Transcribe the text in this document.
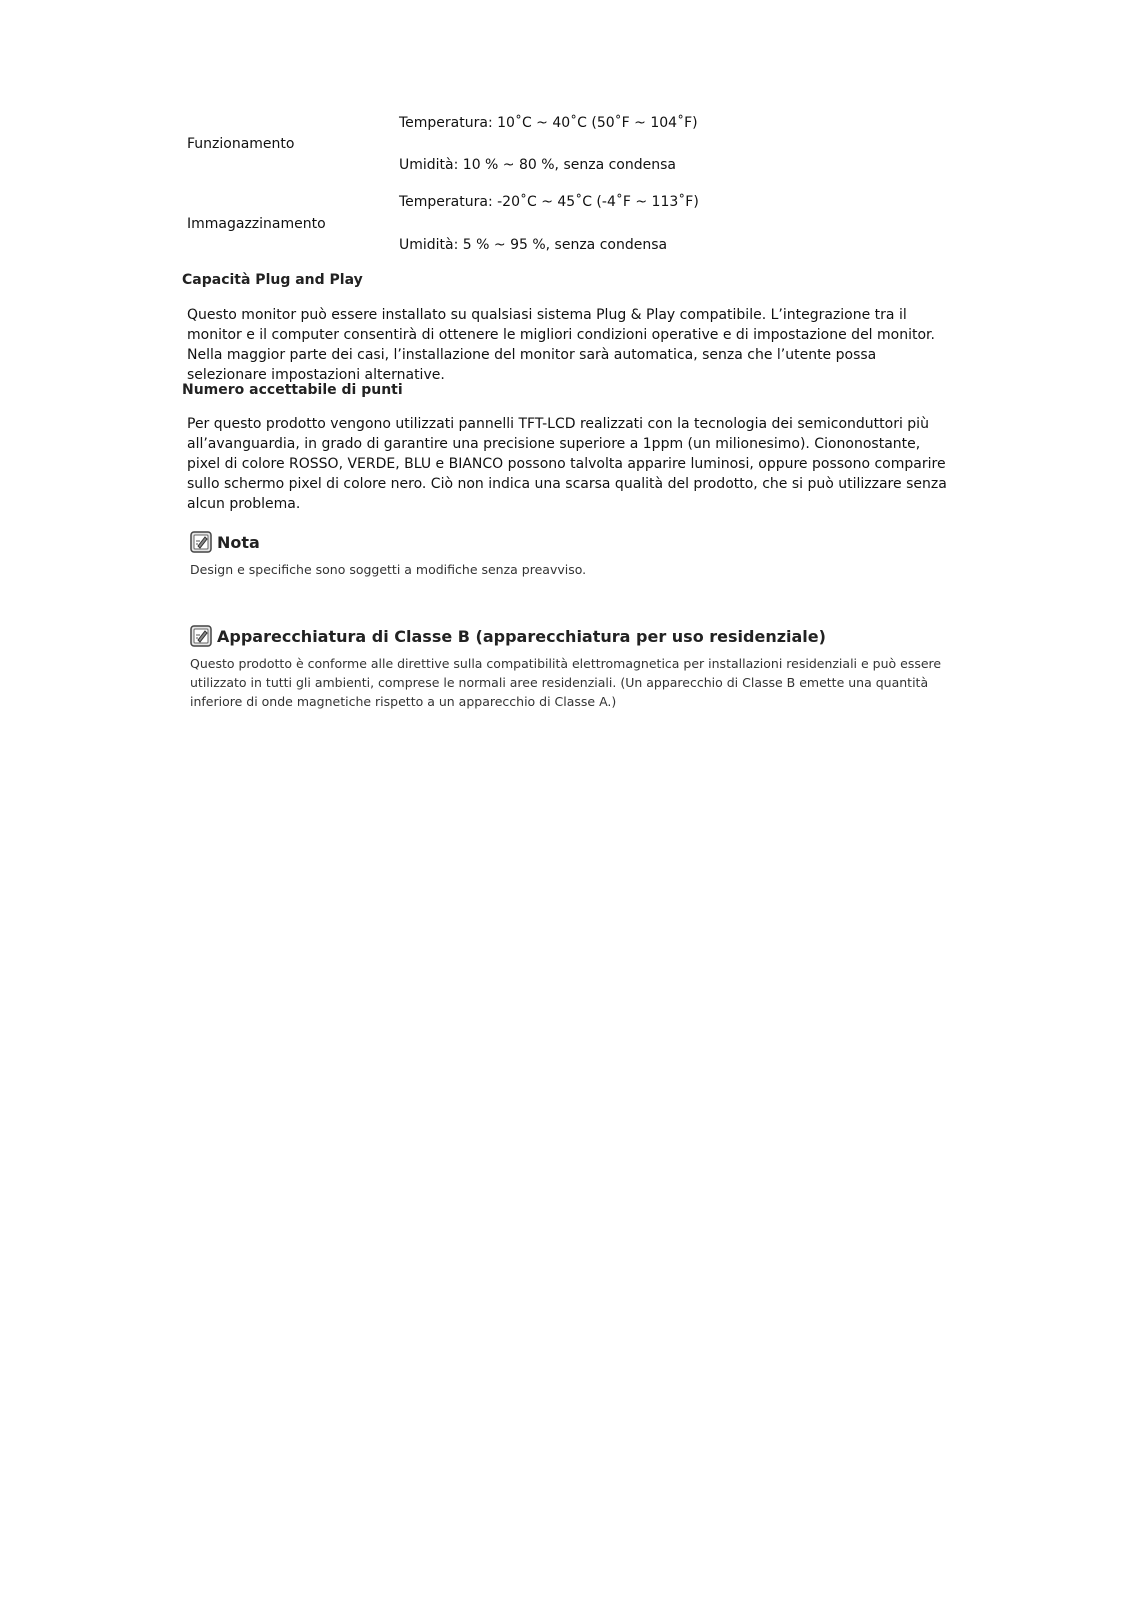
Temperatura: 10˚C ~ 40˚C (50˚F ~ 104˚F)
Funzionamento
Umidità: 10 % ~ 80 %, senza condensa
Temperatura: -20˚C ~ 45˚C (-4˚F ~ 113˚F)
Immagazzinamento
Umidità: 5 % ~ 95 %, senza condensa
Capacità Plug and Play

Questo monitor può essere installato su qualsiasi sistema Plug & Play compatibile. L’integrazione tra il monitor e il computer consentirà di ottenere le migliori condizioni operative e di impostazione del monitor. Nella maggior parte dei casi, l’installazione del monitor sarà automatica, senza che l’utente possa selezionare impostazioni alternative.

Numero accettabile di punti

Per questo prodotto vengono utilizzati pannelli TFT-LCD realizzati con la tecnologia dei semiconduttori più all’avanguardia, in grado di garantire una precisione superiore a 1ppm (un milionesimo). Ciononostante, pixel di colore ROSSO, VERDE, BLU e BIANCO possono talvolta apparire luminosi, oppure possono comparire sullo schermo pixel di colore nero. Ciò non indica una scarsa qualità del prodotto, che si può utilizzare senza alcun problema.

Nota

Design e specifiche sono soggetti a modifiche senza preavviso.

Apparecchiatura di Classe B (apparecchiatura per uso residenziale)

Questo prodotto è conforme alle direttive sulla compatibilità elettromagnetica per installazioni residenziali e può essere utilizzato in tutti gli ambienti, comprese le normali aree residenziali. (Un apparecchio di Classe B emette una quantità inferiore di onde magnetiche rispetto a un apparecchio di Classe A.)
